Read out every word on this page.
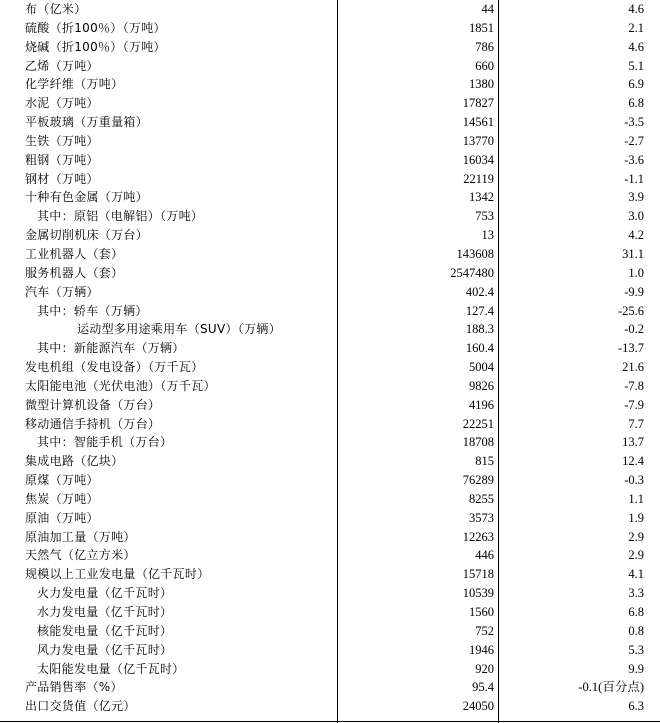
布（亿米）	44	4.6
硫酸（折100％）（万吨）	1851	2.1
烧碱（折100％）（万吨）	786	4.6
乙烯（万吨）	660	5.1
化学纤维（万吨）	1380	6.9
水泥（万吨）	17827	6.8
平板玻璃（万重量箱）	14561	-3.5
生铁（万吨）	13770	-2.7
粗钢（万吨）	16034	-3.6
钢材（万吨）	22119	-1.1
十种有色金属（万吨）	1342	3.9
其中：原铝（电解铝）（万吨）	753	3.0
金属切削机床（万台）	13	4.2
工业机器人（套）	143608	31.1
服务机器人（套）	2547480	1.0
汽车（万辆）	402.4	-9.9
其中：轿车（万辆）	127.4	-25.6
运动型多用途乘用车（SUV）（万辆）	188.3	-0.2
其中：新能源汽车（万辆）	160.4	-13.7
发电机组（发电设备）（万千瓦）	5004	21.6
太阳能电池（光伏电池）（万千瓦）	9826	-7.8
微型计算机设备（万台）	4196	-7.9
移动通信手持机（万台）	22251	7.7
其中：智能手机（万台）	18708	13.7
集成电路（亿块）	815	12.4
原煤（万吨）	76289	-0.3
焦炭（万吨）	8255	1.1
原油（万吨）	3573	1.9
原油加工量（万吨）	12263	2.9
天然气（亿立方米）	446	2.9
规模以上工业发电量（亿千瓦时）	15718	4.1
火力发电量（亿千瓦时）	10539	3.3
水力发电量（亿千瓦时）	1560	6.8
核能发电量（亿千瓦时）	752	0.8
风力发电量（亿千瓦时）	1946	5.3
太阳能发电量（亿千瓦时）	920	9.9
产品销售率（%）	95.4	-0.1(百分点)
出口交货值（亿元）	24050	6.3
